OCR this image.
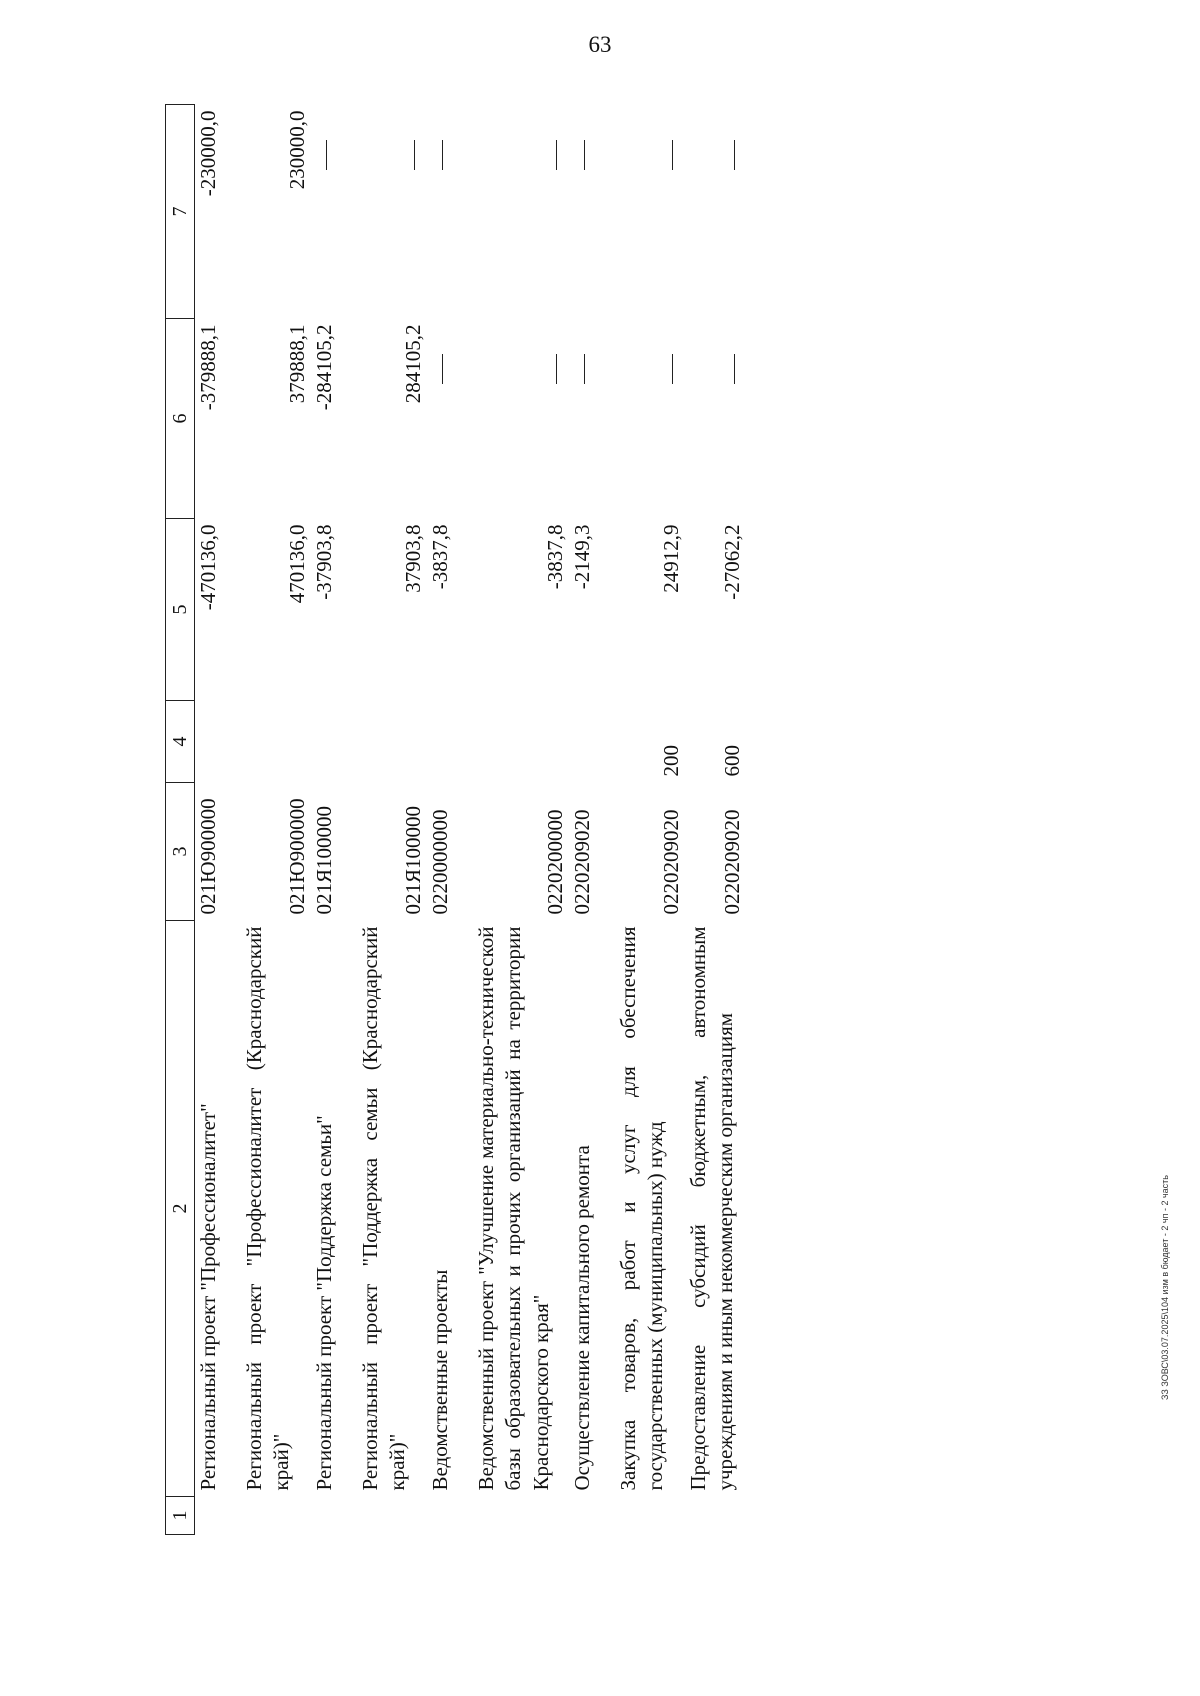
63
1	2	3	4	5	6	7
	Региональный проект "Профессионалитет"	021Ю900000		-470136,0	-379888,1	-230000,0
	Региональный проект "Профессионалитет (Краснодарский край)"	021Ю900000		470136,0	379888,1	230000,0
	Региональный проект "Поддержка семьи"	021Я100000		-37903,8	-284105,2	
	Региональный проект "Поддержка семьи (Краснодарский край)"	021Я100000		37903,8	284105,2	
	Ведомственные проекты	0220000000		-3837,8		
	Ведомственный проект "Улучшение материально-технической базы образовательных и прочих организаций на территории Краснодарского края"	0220200000		-3837,8		
	Осуществление капитального ремонта	0220209020		-2149,3		
	Закупка товаров, работ и услуг для обеспечения государственных (муниципальных) нужд	0220209020	200	24912,9		
	Предоставление субсидий бюджетным, автономным учреждениям и иным некоммерческим организациям	0220209020	600	-27062,2		
ЗЗ ЗОВС\03.07.2025\104 изм в бюдает - 2 чп - 2 часть
